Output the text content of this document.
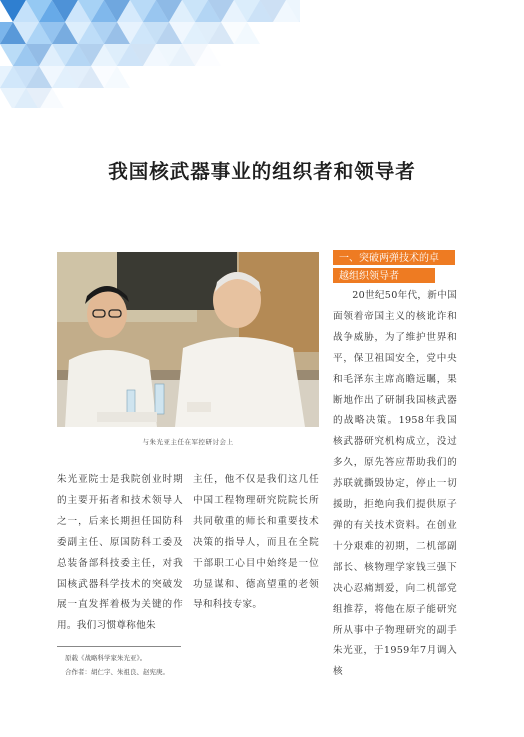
我国核武器事业的组织者和领导者
与朱光亚主任在军控研讨会上
一、突破两弹技术的卓
越组织领导者
朱光亚院士是我院创业时期的主要开拓者和技术领导人之一，后来长期担任国防科委副主任、原国防科工委及总装备部科技委主任，对我国核武器科学技术的突破发展一直发挥着极为关键的作用。我们习惯尊称他朱
主任，他不仅是我们这几任中国工程物理研究院院长所共同敬重的师长和重要技术决策的指导人，而且在全院干部职工心目中始终是一位功显谋和、德高望重的老领导和科技专家。
20世纪50年代，新中国面领着帝国主义的核讹诈和战争威胁，为了维护世界和平，保卫祖国安全，党中央和毛泽东主席高瞻远瞩，果断地作出了研制我国核武器的战略决策。1958年我国核武器研究机构成立，没过多久，原先答应帮助我们的苏联就撕毁协定，停止一切援助，拒绝向我们提供原子弹的有关技术资料。在创业十分艰难的初期，二机部副部长、核物理学家钱三强下决心忍痛割爱，向二机部党组推荐，将他在原子能研究所从事中子物理研究的副手朱光亚，于1959年7月调入核
原载《战略科学家朱光亚》。
合作者：胡仁宇、朱祖良、赵宪庚。
